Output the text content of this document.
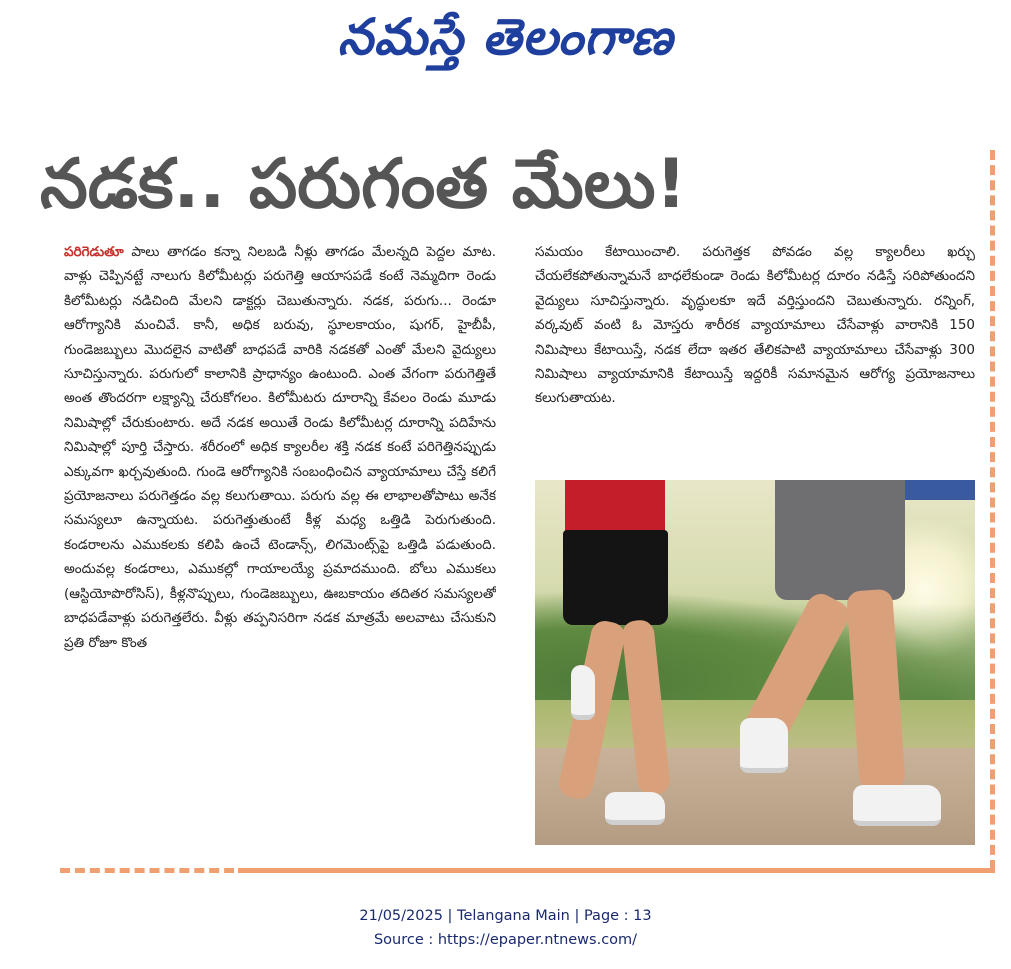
నమస్తే తెలంగాణ
నడక.. పరుగంత మేలు!
పరిగెడుతూ పాలు తాగడం కన్నా నిలబడి నీళ్లు తాగడం మేలన్నది పెద్దల మాట. వాళ్లు చెప్పినట్టే నాలుగు కిలోమీటర్లు పరుగెత్తి ఆయాసపడే కంటే నెమ్మదిగా రెండు కిలోమీటర్లు నడిచింది మేలని డాక్టర్లు చెబుతున్నారు. నడక, పరుగు... రెండూ ఆరోగ్యానికి మంచివే. కానీ, అధిక బరువు, స్థూలకాయం, షుగర్, హైబీపీ, గుండెజబ్బులు మొదలైన వాటితో బాధపడే వారికి నడకతో ఎంతో మేలని వైద్యులు సూచిస్తున్నారు. పరుగులో కాలానికి ప్రాధాన్యం ఉంటుంది. ఎంత వేగంగా పరుగెత్తితే అంత తొందరగా లక్ష్యాన్ని చేరుకోగలం. కిలోమీటరు దూరాన్ని కేవలం రెండు మూడు నిమిషాల్లో చేరుకుంటారు. అదే నడక అయితే రెండు కిలోమీటర్ల దూరాన్ని పదిహేను నిమిషాల్లో పూర్తి చేస్తారు. శరీరంలో అధిక క్యాలరీల శక్తి నడక కంటే పరిగెత్తినప్పుడు ఎక్కువగా ఖర్చవుతుంది. గుండె ఆరోగ్యానికి సంబంధించిన వ్యాయామాలు చేస్తే కలిగే ప్రయోజనాలు పరుగెత్తడం వల్ల కలుగుతాయి. పరుగు వల్ల ఈ లాభాలతోపాటు అనేక సమస్యలూ ఉన్నాయట. పరుగెత్తుతుంటే కీళ్ల మధ్య ఒత్తిడి పెరుగుతుంది. కండరాలను ఎముకలకు కలిపి ఉంచే టెండాన్స్, లిగమెంట్స్‌పై ఒత్తిడి పడుతుంది. అందువల్ల కండరాలు, ఎముకల్లో గాయాలయ్యే ప్రమాదముంది. బోలు ఎముకలు (ఆస్టియోపొరోసిస్), కీళ్లనొప్పులు, గుండెజబ్బులు, ఊబకాయం తదితర సమస్యలతో బాధపడేవాళ్లు పరుగెత్తలేరు. వీళ్లు తప్పనిసరిగా నడక మాత్రమే అలవాటు చేసుకుని ప్రతి రోజూ కొంత
సమయం కేటాయించాలి. పరుగెత్తక పోవడం వల్ల క్యాలరీలు ఖర్చు చేయలేకపోతున్నామనే బాధలేకుండా రెండు కిలోమీటర్ల దూరం నడిస్తే సరిపోతుందని వైద్యులు సూచిస్తున్నారు. వృద్ధులకూ ఇదే వర్తిస్తుందని చెబుతున్నారు. రన్నింగ్, వర్కవుట్ వంటి ఓ మోస్తరు శారీరక వ్యాయామాలు చేసేవాళ్లు వారానికి 150 నిమిషాలు కేటాయిస్తే, నడక లేదా ఇతర తేలికపాటి వ్యాయామాలు చేసేవాళ్లు 300 నిమిషాలు వ్యాయామానికి కేటాయిస్తే ఇద్దరికీ సమానమైన ఆరోగ్య ప్రయోజనాలు కలుగుతాయట.
21/05/2025 | Telangana Main | Page : 13
Source : https://epaper.ntnews.com/
